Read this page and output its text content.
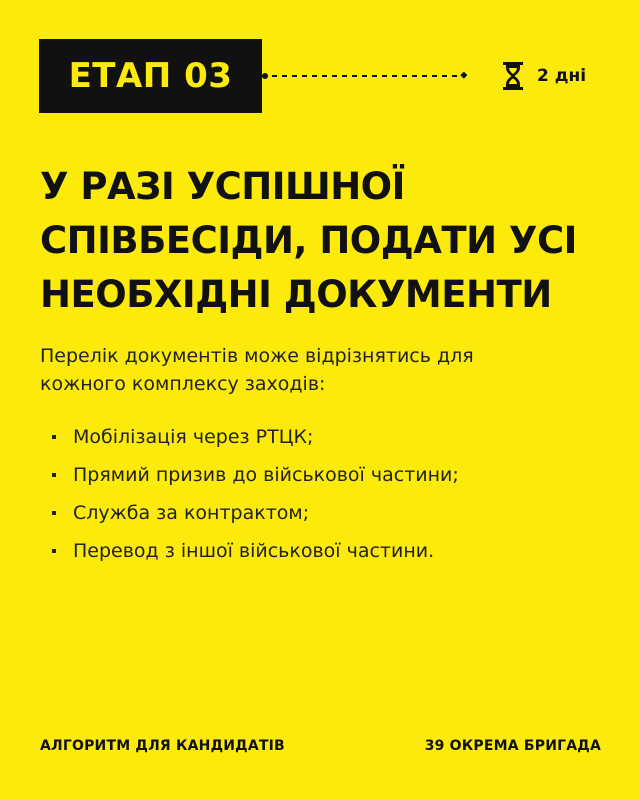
ЕТАП 03	2 дні
У РАЗІ УСПІШНОЇ
СПІВБЕСІДИ, ПОДАТИ УСІ
НЕОБХІДНІ ДОКУМЕНТИ
Перелік документів може відрізнятись для
кожного комплексу заходів:
Мобілізація через РТЦК;
Прямий призив до військової частини;
Служба за контрактом;
Перевод з іншої військової частини.
АЛГОРИТМ ДЛЯ КАНДИДАТІВ	39 ОКРЕМА БРИГАДА
